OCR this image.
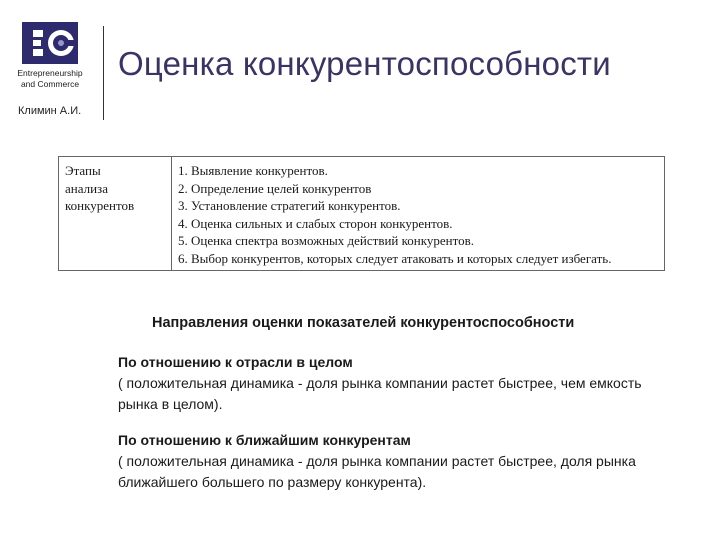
Entrepreneurship
and Commerce
Оценка конкурентоспособности
Климин А.И.
Этапы
анализа
конкурентов

1. Выявление конкурентов.
2. Определение целей конкурентов
3. Установление стратегий конкурентов.
4. Оценка сильных и слабых сторон конкурентов.
5. Оценка спектра возможных действий конкурентов.
6. Выбор конкурентов, которых следует атаковать и которых следует избегать.
Направления оценки показателей конкурентоспособности
По отношению к отрасли в целом
( положительная динамика - доля рынка компании растет быстрее, чем емкость рынка в целом).
По отношению к ближайшим конкурентам
( положительная динамика - доля рынка компании растет быстрее, доля рынка ближайшего большего по размеру конкурента).
